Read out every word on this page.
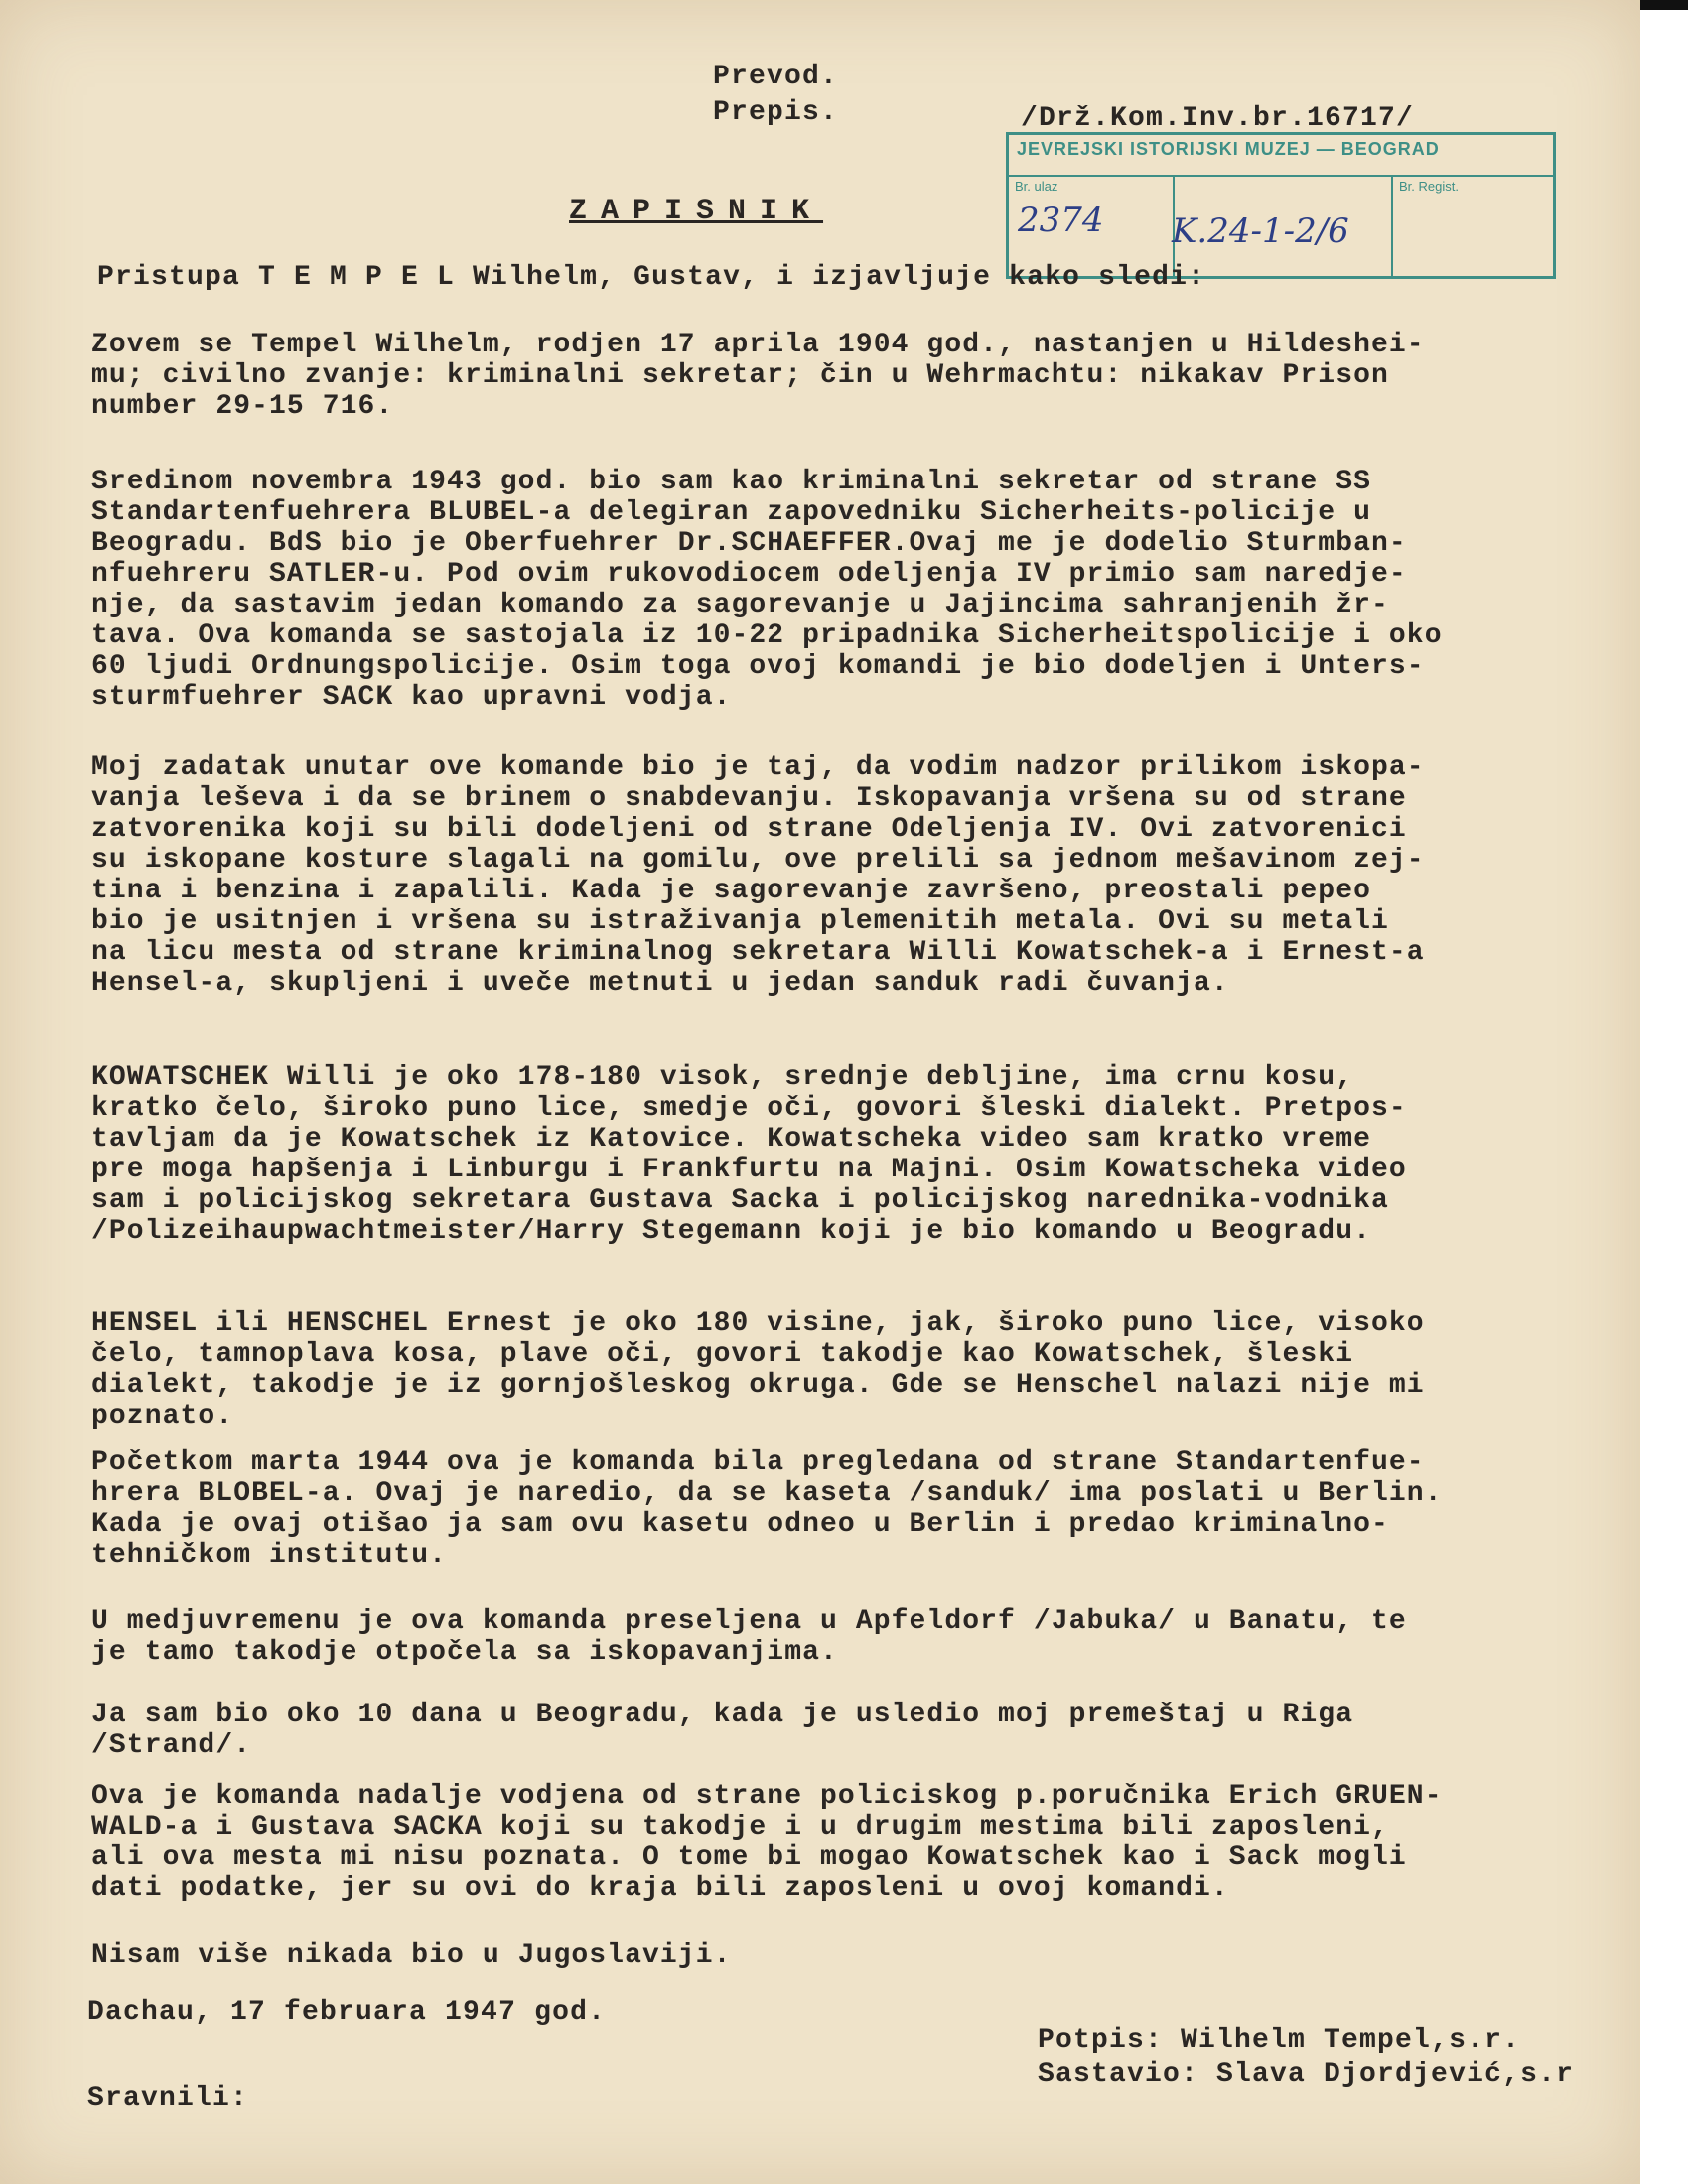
Prevod.
Prepis.	/Drž.Kom.Inv.br.16717/
JEVREJSKI ISTORIJSKI MUZEJ — BEOGRAD
Br. ulaz	Br. Regist.
2374 K.24-1-2/6
ZAPISNIK
Pristupa T E M P E L Wilhelm, Gustav, i izjavljuje kako sledi:
Zovem se Tempel Wilhelm, rodjen 17 aprila 1904 god., nastanjen u Hildeshei-
mu; civilno zvanje: kriminalni sekretar; čin u Wehrmachtu: nikakav Prison
number 29-15 716.
Sredinom novembra 1943 god. bio sam kao kriminalni sekretar od strane SS
Standartenfuehrera BLUBEL-a delegiran zapovedniku Sicherheits-policije u
Beogradu. BdS bio je Oberfuehrer Dr.SCHAEFFER.Ovaj me je dodelio Sturmban-
nfuehreru SATLER-u. Pod ovim rukovodiocem odeljenja IV primio sam naredje-
nje, da sastavim jedan komando za sagorevanje u Jajincima sahranjenih žr-
tava. Ova komanda se sastojala iz 10-22 pripadnika Sicherheitspolicije i oko
60 ljudi Ordnungspolicije. Osim toga ovoj komandi je bio dodeljen i Unters-
sturmfuehrer SACK kao upravni vodja.
Moj zadatak unutar ove komande bio je taj, da vodim nadzor prilikom iskopa-
vanja leševa i da se brinem o snabdevanju. Iskopavanja vršena su od strane
zatvorenika koji su bili dodeljeni od strane Odeljenja IV. Ovi zatvorenici
su iskopane kosture slagali na gomilu, ove prelili sa jednom mešavinom zej-
tina i benzina i zapalili. Kada je sagorevanje završeno, preostali pepeo
bio je usitnjen i vršena su istraživanja plemenitih metala. Ovi su metali
na licu mesta od strane kriminalnog sekretara Willi Kowatschek-a i Ernest-a
Hensel-a, skupljeni i uveče metnuti u jedan sanduk radi čuvanja.
KOWATSCHEK Willi je oko 178-180 visok, srednje debljine, ima crnu kosu,
kratko čelo, široko puno lice, smedje oči, govori šleski dialekt. Pretpos-
tavljam da je Kowatschek iz Katovice. Kowatscheka video sam kratko vreme
pre moga hapšenja i Linburgu i Frankfurtu na Majni. Osim Kowatscheka video
sam i policijskog sekretara Gustava Sacka i policijskog narednika-vodnika
/Polizeihaupwachtmeister/Harry Stegemann koji je bio komando u Beogradu.
HENSEL ili HENSCHEL Ernest je oko 180 visine, jak, široko puno lice, visoko
čelo, tamnoplava kosa, plave oči, govori takodje kao Kowatschek, šleski
dialekt, takodje je iz gornjošleskog okruga. Gde se Henschel nalazi nije mi
poznato.
Početkom marta 1944 ova je komanda bila pregledana od strane Standartenfue-
hrera BLOBEL-a. Ovaj je naredio, da se kaseta /sanduk/ ima poslati u Berlin.
Kada je ovaj otišao ja sam ovu kasetu odneo u Berlin i predao kriminalno-
tehničkom institutu.
U medjuvremenu je ova komanda preseljena u Apfeldorf /Jabuka/ u Banatu, te
je tamo takodje otpočela sa iskopavanjima.
Ja sam bio oko 10 dana u Beogradu, kada je usledio moj premeštaj u Riga
/Strand/.
Ova je komanda nadalje vodjena od strane policiskog p.poručnika Erich GRUEN-
WALD-a i Gustava SACKA koji su takodje i u drugim mestima bili zaposleni,
ali ova mesta mi nisu poznata. O tome bi mogao Kowatschek kao i Sack mogli
dati podatke, jer su ovi do kraja bili zaposleni u ovoj komandi.
Nisam više nikada bio u Jugoslaviji.
Dachau, 17 februara 1947 god.
Potpis: Wilhelm Tempel,s.r.
Sastavio: Slava Djordjević,s.r
Sravnili:
